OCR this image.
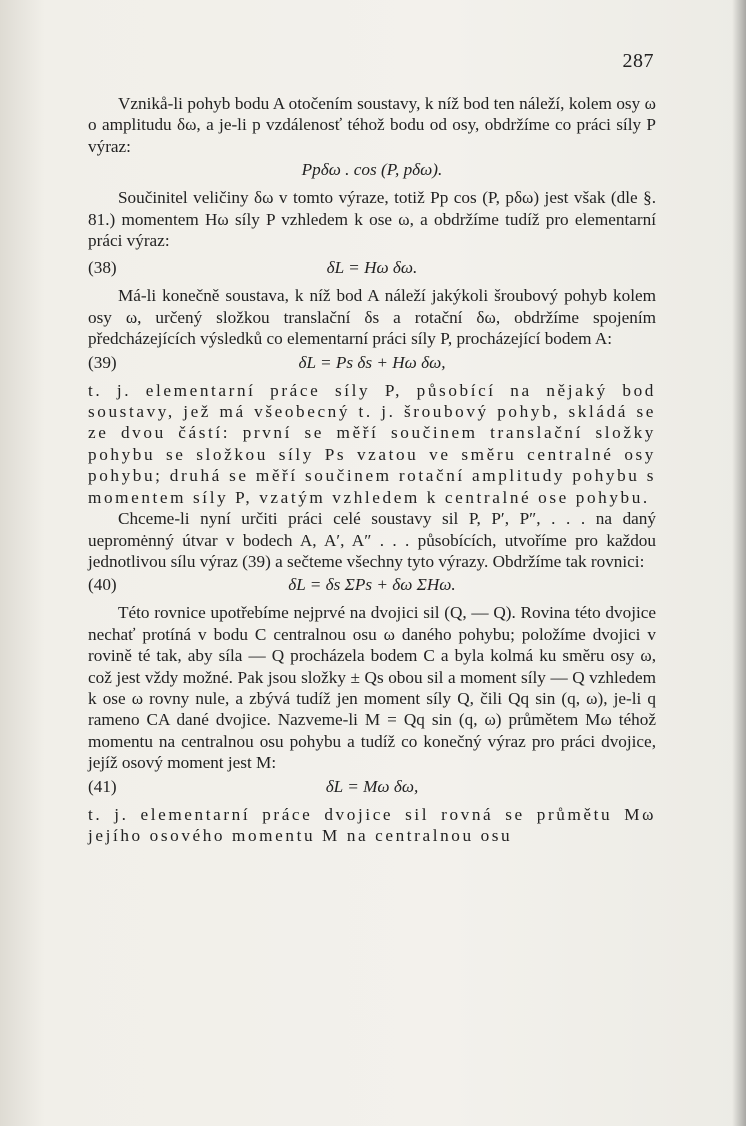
287

Vznikå-li pohyb bodu A otočením soustavy, k níž bod ten náleží, kolem osy ω o amplitudu δω, a je-li p vzdálenosť téhož bodu od osy, obdržíme co práci síly P výraz:

Ppδω . cos (P, pδω).

Součinitel veličiny δω v tomto výraze, totiž Pp cos (P, pδω) jest však (dle §. 81.) momentem Hω síly P vzhledem k ose ω, a obdržíme tudíž pro elementarní práci výraz:

(38)	δL = Hω δω.

Má-li konečně soustava, k níž bod A náleží jakýkoli šroubový pohyb kolem osy ω, určený složkou translační δs a rotační δω, obdržíme spojením předcházejících výsledků co elementarní práci síly P, procházející bodem A:

(39)	δL = Ps δs + Hω δω,

t. j. elementarní práce síly P, působící na nějaký bod soustavy, jež má všeobecný t. j. šroubový pohyb, skládá se ze dvou částí: první se měří součinem translační složky pohybu se složkou síly Ps vzatou ve směru centralné osy pohybu; druhá se měří součinem rotační amplitudy pohybu s momentem síly P, vzatým vzhledem k centralné ose pohybu.

Chceme-li nyní určiti práci celé soustavy sil P, P′, P″, . . . na daný uepromėnný útvar v bodech A, A′, A″ . . . působících, utvoříme pro každou jednotlivou sílu výraz (39) a sečteme všechny tyto výrazy. Obdržíme tak rovnici:

(40)	δL = δs ΣPs + δω ΣHω.

Této rovnice upotřebíme nejprvé na dvojici sil (Q, — Q). Rovina této dvojice nechať protíná v bodu C centralnou osu ω daného pohybu; položíme dvojici v rovině té tak, aby síla — Q procházela bodem C a byla kolmá ku směru osy ω, což jest vždy možné. Pak jsou složky ± Qs obou sil a moment síly — Q vzhledem k ose ω rovny nule, a zbývá tudíž jen moment síly Q, čili Qq sin (q, ω), je-li q rameno CA dané dvojice. Nazveme-li M = Qq sin (q, ω) průmětem Mω téhož momentu na centralnou osu pohybu a tudíž co konečný výraz pro práci dvojice, jejíž osový moment jest M:

(41)	δL = Mω δω,

t. j. elementarní práce dvojice sil rovná se průmětu Mω jejího osového momentu M na centralnou osu
